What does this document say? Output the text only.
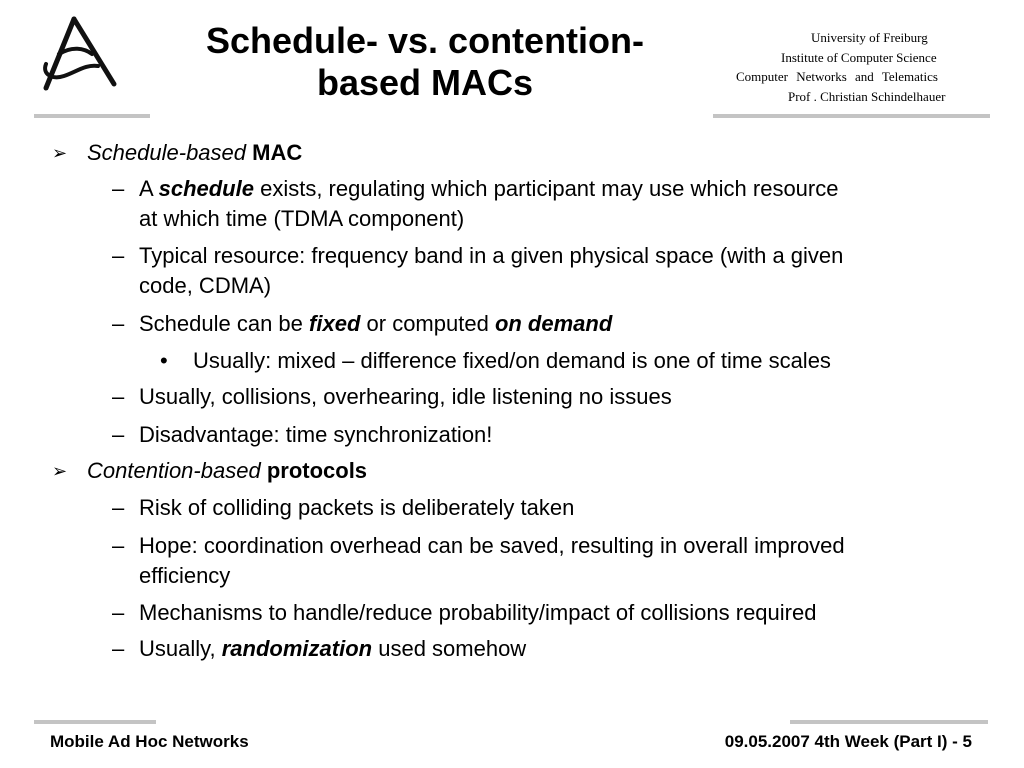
Schedule- vs. contention-
based MACs
University of Freiburg
Institute of Computer Science
Computer Networks and Telematics
Prof . Christian Schindelhauer
➢ Schedule-based MAC
– A schedule exists, regulating which participant may use which resource
at which time (TDMA component)
– Typical resource: frequency band in a given physical space (with a given
code, CDMA)
– Schedule can be fixed or computed on demand
• Usually: mixed – difference fixed/on demand is one of time scales
– Usually, collisions, overhearing, idle listening no issues
– Disadvantage: time synchronization!
➢ Contention-based protocols
– Risk of colliding packets is deliberately taken
– Hope: coordination overhead can be saved, resulting in overall improved
efficiency
– Mechanisms to handle/reduce probability/impact of collisions required
– Usually, randomization used somehow
Mobile Ad Hoc Networks	09.05.2007 4th Week (Part I) - 5
